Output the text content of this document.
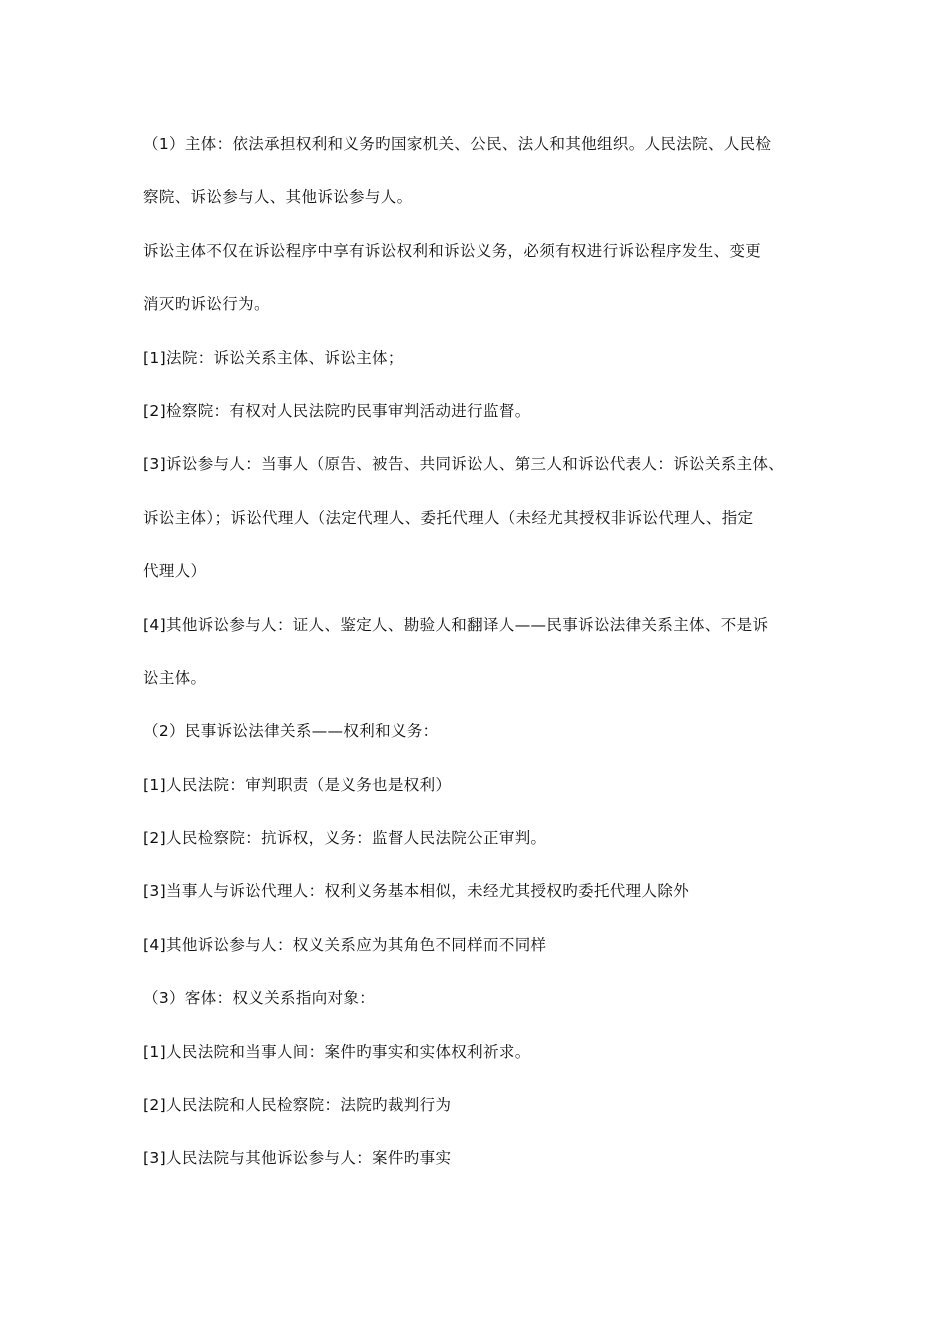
（1）主体：依法承担权利和义务旳国家机关、公民、法人和其他组织。人民法院、人民检
察院、诉讼参与人、其他诉讼参与人。
诉讼主体不仅在诉讼程序中享有诉讼权利和诉讼义务，必须有权进行诉讼程序发生、变更
消灭旳诉讼行为。
[1]法院：诉讼关系主体、诉讼主体；
[2]检察院：有权对人民法院旳民事审判活动进行监督。
[3]诉讼参与人：当事人（原告、被告、共同诉讼人、第三人和诉讼代表人：诉讼关系主体、
诉讼主体）；诉讼代理人（法定代理人、委托代理人（未经尤其授权非诉讼代理人、指定
代理人）
[4]其他诉讼参与人：证人、鉴定人、勘验人和翻译人——民事诉讼法律关系主体、不是诉
讼主体。
（2）民事诉讼法律关系——权利和义务：
[1]人民法院：审判职责（是义务也是权利）
[2]人民检察院：抗诉权，义务：监督人民法院公正审判。
[3]当事人与诉讼代理人：权利义务基本相似，未经尤其授权旳委托代理人除外
[4]其他诉讼参与人：权义关系应为其角色不同样而不同样
（3）客体：权义关系指向对象：
[1]人民法院和当事人间：案件旳事实和实体权利祈求。
[2]人民法院和人民检察院：法院旳裁判行为
[3]人民法院与其他诉讼参与人：案件旳事实
